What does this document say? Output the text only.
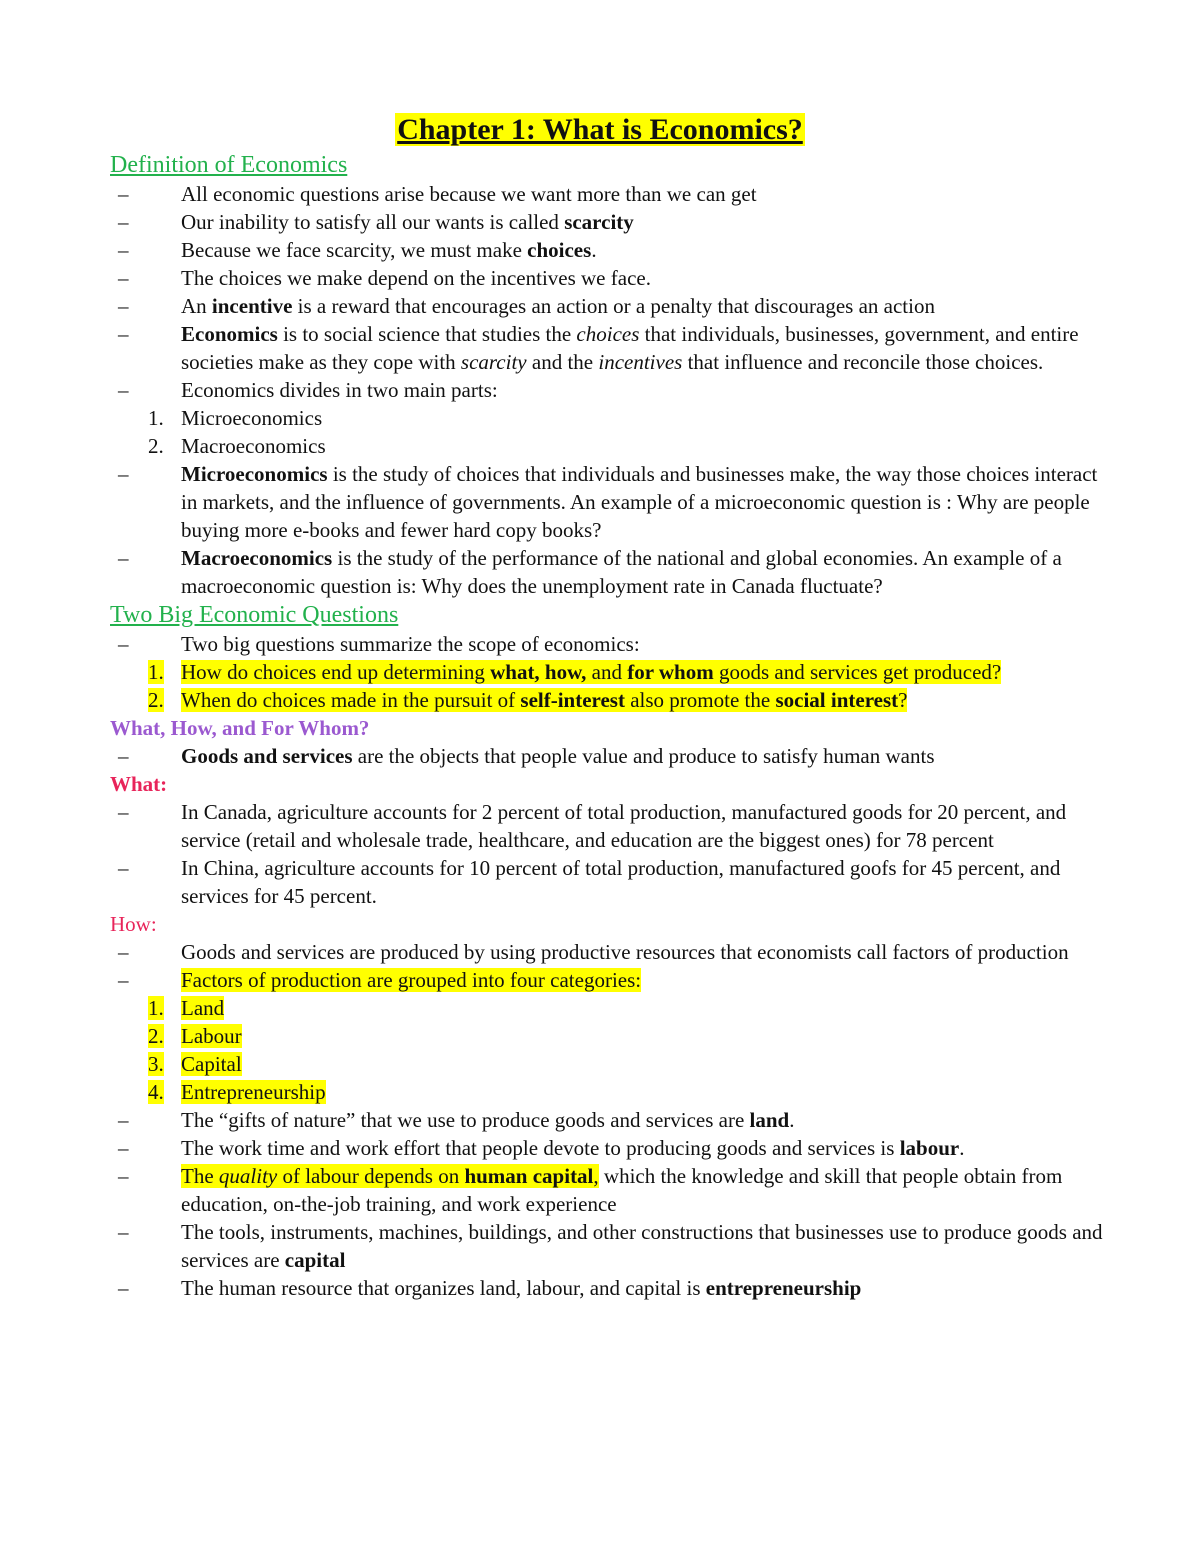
Chapter 1: What is Economics?
Definition of Economics
–	All economic questions arise because we want more than we can get
–	Our inability to satisfy all our wants is called scarcity
–	Because we face scarcity, we must make choices.
–	The choices we make depend on the incentives we face.
–	An incentive is a reward that encourages an action or a penalty that discourages an action
–	Economics is to social science that studies the choices that individuals, businesses, government, and entire societies make as they cope with scarcity and the incentives that influence and reconcile those choices.
–	Economics divides in two main parts:
1. Microeconomics
2. Macroeconomics
–	Microeconomics is the study of choices that individuals and businesses make, the way those choices interact in markets, and the influence of governments. An example of a microeconomic question is : Why are people buying more e-books and fewer hard copy books?
–	Macroeconomics is the study of the performance of the national and global economies. An example of a macroeconomic question is: Why does the unemployment rate in Canada fluctuate?
Two Big Economic Questions
–	Two big questions summarize the scope of economics:
1. How do choices end up determining what, how, and for whom goods and services get produced?
2. When do choices made in the pursuit of self-interest also promote the social interest?
What, How, and For Whom?
–	Goods and services are the objects that people value and produce to satisfy human wants
What:
–	In Canada, agriculture accounts for 2 percent of total production, manufactured goods for 20 percent, and service (retail and wholesale trade, healthcare, and education are the biggest ones) for 78 percent
–	In China, agriculture accounts for 10 percent of total production, manufactured goofs for 45 percent, and services for 45 percent.
How:
–	Goods and services are produced by using productive resources that economists call factors of production
–	Factors of production are grouped into four categories:
1. Land
2. Labour
3. Capital
4. Entrepreneurship
–	The “gifts of nature” that we use to produce goods and services are land.
–	The work time and work effort that people devote to producing goods and services is labour.
–	The quality of labour depends on human capital, which the knowledge and skill that people obtain from education, on-the-job training, and work experience
–	The tools, instruments, machines, buildings, and other constructions that businesses use to produce goods and services are capital
–	The human resource that organizes land, labour, and capital is entrepreneurship
